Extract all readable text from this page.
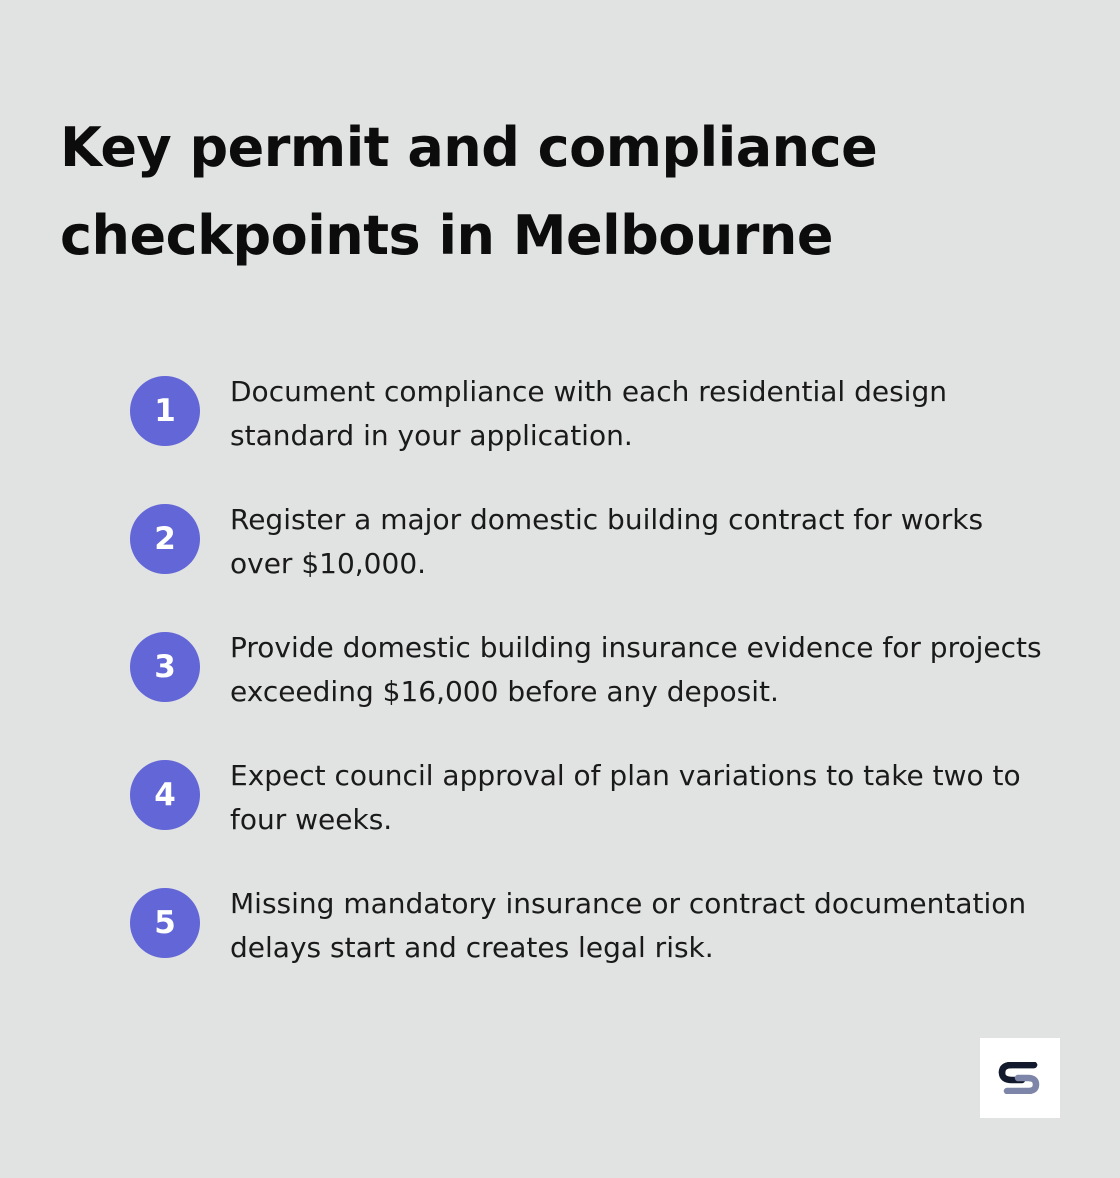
Key permit and compliance checkpoints in Melbourne
1

Document compliance with each residential design standard in your application.

2

Register a major domestic building contract for works over $10,000.

3

Provide domestic building insurance evidence for projects exceeding $16,000 before any deposit.

4

Expect council approval of plan variations to take two to four weeks.

5

Missing mandatory insurance or contract documentation delays start and creates legal risk.
